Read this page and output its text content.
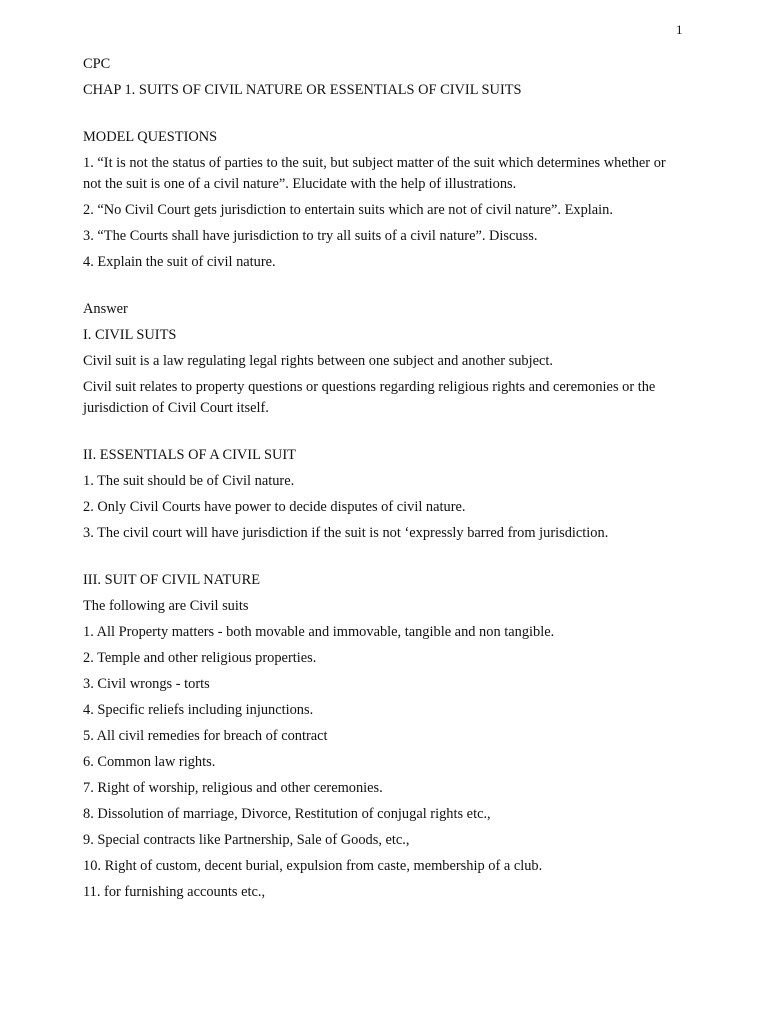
1

CPC

CHAP 1. SUITS OF CIVIL NATURE OR ESSENTIALS OF CIVIL SUITS

MODEL QUESTIONS

1. “It is not the status of parties to the suit, but subject matter of the suit which determines whether or not the suit is one of a civil nature”. Elucidate with the help of illustrations.

2. “No Civil Court gets jurisdiction to entertain suits which are not of civil nature”. Explain.

3. “The Courts shall have jurisdiction to try all suits of a civil nature”. Discuss.

4. Explain the suit of civil nature.

Answer

I. CIVIL SUITS

Civil suit is a law regulating legal rights between one subject and another subject.

Civil suit relates to property questions or questions regarding religious rights and ceremonies or the jurisdiction of Civil Court itself.

II. ESSENTIALS OF A CIVIL SUIT

1. The suit should be of Civil nature.

2. Only Civil Courts have power to decide disputes of civil nature.

3. The civil court will have jurisdiction if the suit is not ‘expressly barred from jurisdiction.

III. SUIT OF CIVIL NATURE

The following are Civil suits

1. All Property matters - both movable and immovable, tangible and non tangible.

2. Temple and other religious properties.

3. Civil wrongs - torts

4. Specific reliefs including injunctions.

5. All civil remedies for breach of contract

6. Common law rights.

7. Right of worship, religious and other ceremonies.

8. Dissolution of marriage, Divorce, Restitution of conjugal rights etc.,

9. Special contracts like Partnership, Sale of Goods, etc.,

10. Right of custom, decent burial, expulsion from caste, membership of a club.

11. for furnishing accounts etc.,
